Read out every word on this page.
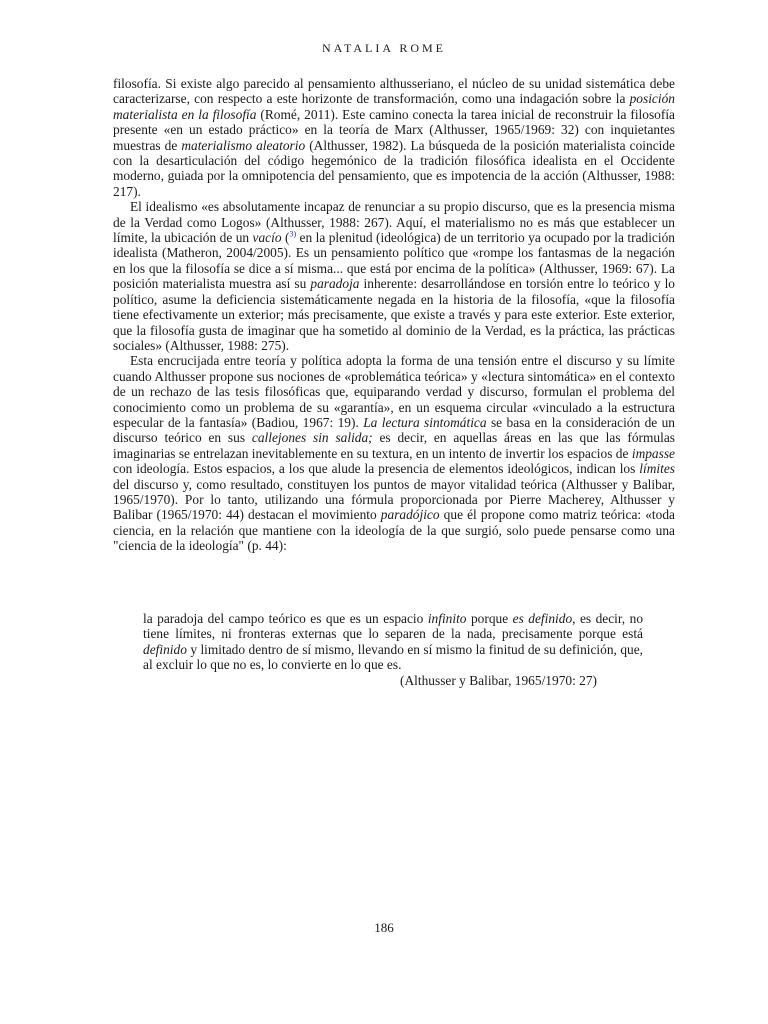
NATALIA ROME

filosofía. Si existe algo parecido al pensamiento althusseriano, el núcleo de su unidad sistemática debe caracterizarse, con respecto a este horizonte de transformación, como una indagación sobre la posición materialista en la filosofía (Romé, 2011). Este camino conecta la tarea inicial de reconstruir la filosofía presente «en un estado práctico» en la teoría de Marx (Althusser, 1965/1969: 32) con inquietantes muestras de materialismo aleatorio (Althusser, 1982). La búsqueda de la posición materialista coincide con la desarticulación del código hegemónico de la tradición filosófica idealista en el Occidente moderno, guiada por la omnipotencia del pensamiento, que es impotencia de la acción (Althusser, 1988: 217).

El idealismo «es absolutamente incapaz de renunciar a su propio discurso, que es la presencia misma de la Verdad como Logos» (Althusser, 1988: 267). Aquí, el materialismo no es más que establecer un límite, la ubicación de un vacío ($^{3)}$ en la plenitud (ideológica) de un territorio ya ocupado por la tradición idealista (Matheron, 2004/2005). Es un pensamiento político que «rompe los fantasmas de la negación en los que la filosofía se dice a sí misma... que está por encima de la política» (Althusser, 1969: 67). La posición materialista muestra así su paradoja inherente: desarrollándose en torsión entre lo teórico y lo político, asume la deficiencia sistemáticamente negada en la historia de la filosofía, «que la filosofía tiene efectivamente un exterior; más precisamente, que existe a través y para este exterior. Este exterior, que la filosofía gusta de imaginar que ha sometido al dominio de la Verdad, es la práctica, las prácticas sociales» (Althusser, 1988: 275).

Esta encrucijada entre teoría y política adopta la forma de una tensión entre el discurso y su límite cuando Althusser propone sus nociones de «problemática teórica» y «lectura sintomática» en el contexto de un rechazo de las tesis filosóficas que, equiparando verdad y discurso, formulan el problema del conocimiento como un problema de su «garantía», en un esquema circular «vinculado a la estructura especular de la fantasía» (Badiou, 1967: 19). La lectura sintomática se basa en la consideración de un discurso teórico en sus callejones sin salida; es decir, en aquellas áreas en las que las fórmulas imaginarias se entrelazan inevitablemente en su textura, en un intento de invertir los espacios de impasse con ideología. Estos espacios, a los que alude la presencia de elementos ideológicos, indican los límites del discurso y, como resultado, constituyen los puntos de mayor vitalidad teórica (Althusser y Balibar, 1965/1970). Por lo tanto, utilizando una fórmula proporcionada por Pierre Macherey, Althusser y Balibar (1965/1970: 44) destacan el movimiento paradójico que él propone como matriz teórica: «toda ciencia, en la relación que mantiene con la ideología de la que surgió, solo puede pensarse como una "ciencia de la ideología" (p. 44):

la paradoja del campo teórico es que es un espacio infinito porque es definido, es decir, no tiene límites, ni fronteras externas que lo separen de la nada, precisamente porque está definido y limitado dentro de sí mismo, llevando en sí mismo la finitud de su definición, que, al excluir lo que no es, lo convierte en lo que es.

(Althusser y Balibar, 1965/1970: 27)

186
